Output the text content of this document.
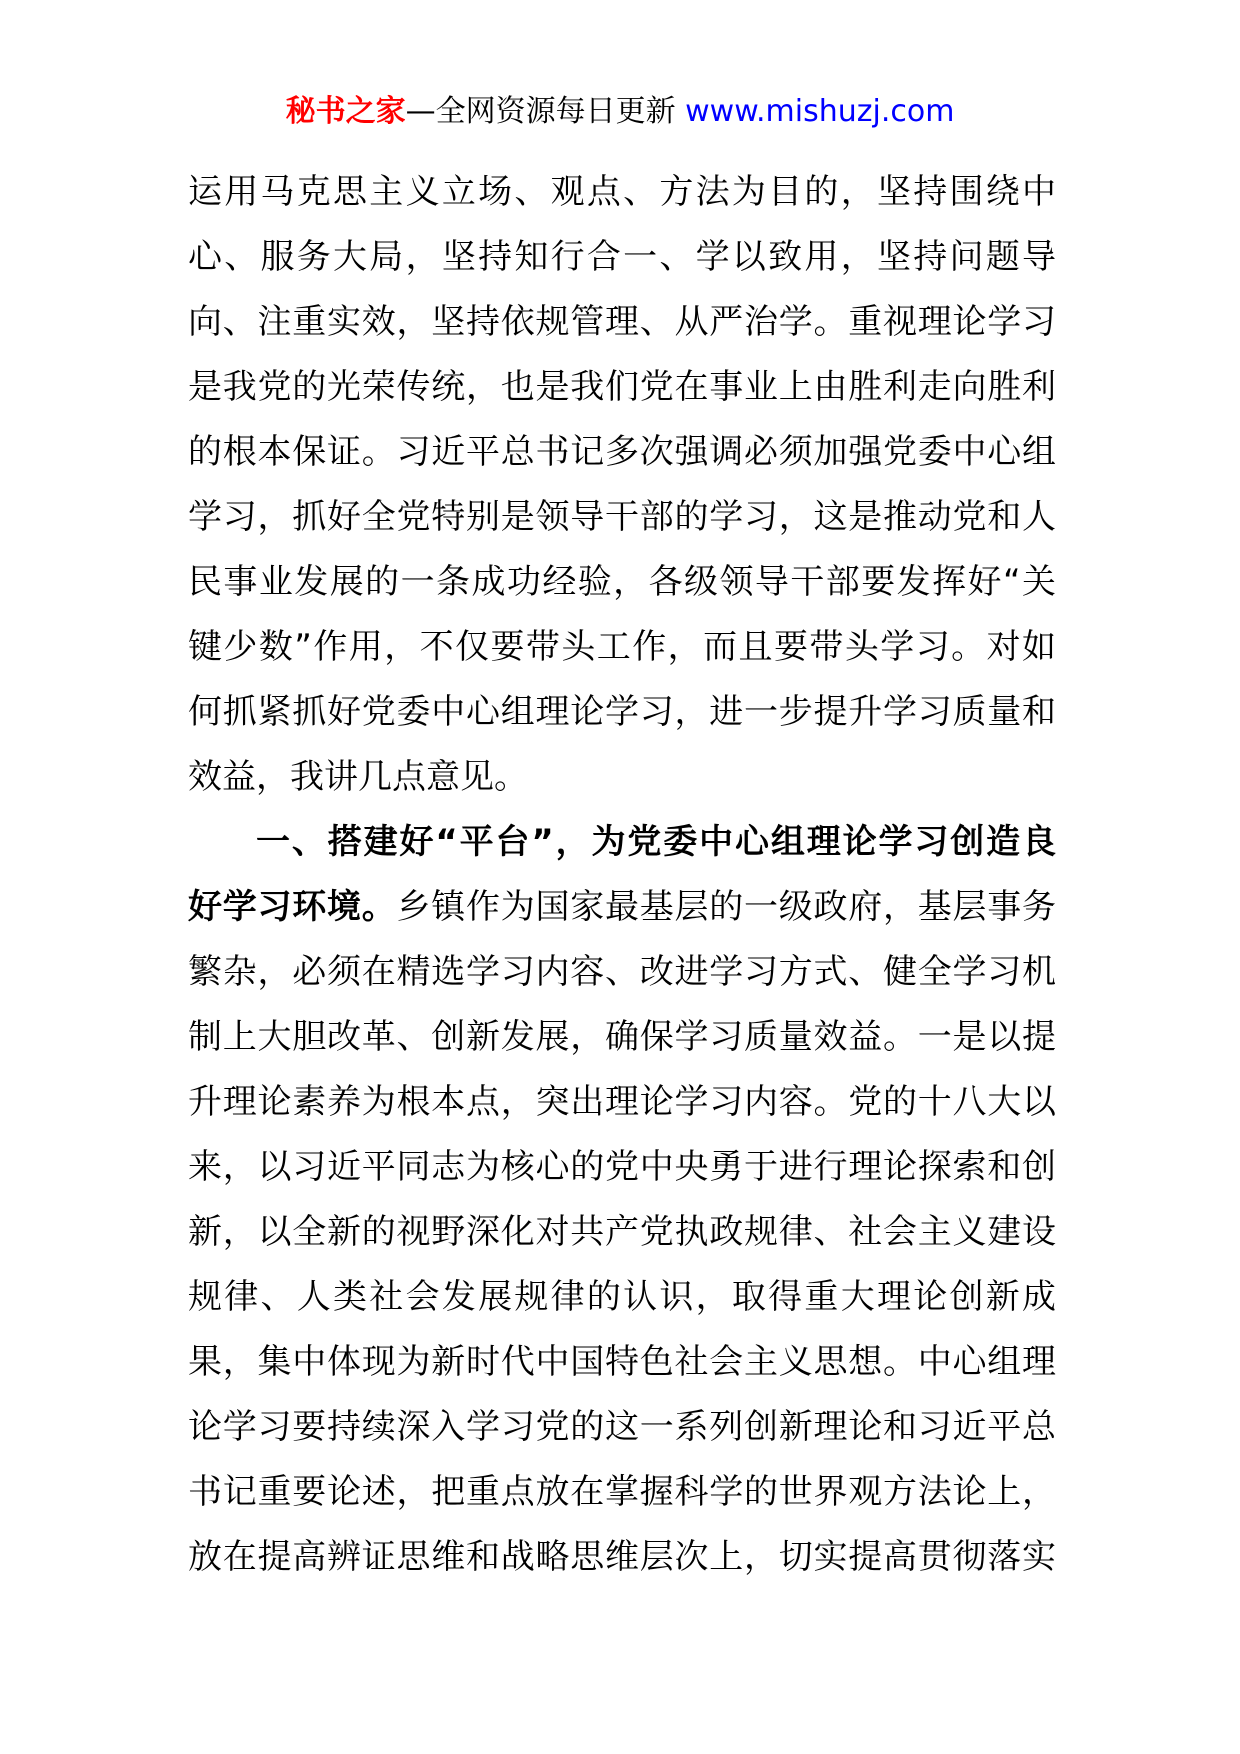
秘书之家—全网资源每日更新 www.mishuzj.com
运用马克思主义立场、观点、方法为目的，坚持围绕中
心、服务大局，坚持知行合一、学以致用，坚持问题导
向、注重实效，坚持依规管理、从严治学。重视理论学习
是我党的光荣传统，也是我们党在事业上由胜利走向胜利
的根本保证。习近平总书记多次强调必须加强党委中心组
学习，抓好全党特别是领导干部的学习，这是推动党和人
民事业发展的一条成功经验，各级领导干部要发挥好“关
键少数”作用，不仅要带头工作，而且要带头学习。对如
何抓紧抓好党委中心组理论学习，进一步提升学习质量和
效益，我讲几点意见。
一、搭建好“平台”，为党委中心组理论学习创造良
好学习环境。乡镇作为国家最基层的一级政府，基层事务
繁杂，必须在精选学习内容、改进学习方式、健全学习机
制上大胆改革、创新发展，确保学习质量效益。一是以提
升理论素养为根本点，突出理论学习内容。党的十八大以
来，以习近平同志为核心的党中央勇于进行理论探索和创
新，以全新的视野深化对共产党执政规律、社会主义建设
规律、人类社会发展规律的认识，取得重大理论创新成
果，集中体现为新时代中国特色社会主义思想。中心组理
论学习要持续深入学习党的这一系列创新理论和习近平总
书记重要论述，把重点放在掌握科学的世界观方法论上，
放在提高辨证思维和战略思维层次上，切实提高贯彻落实
